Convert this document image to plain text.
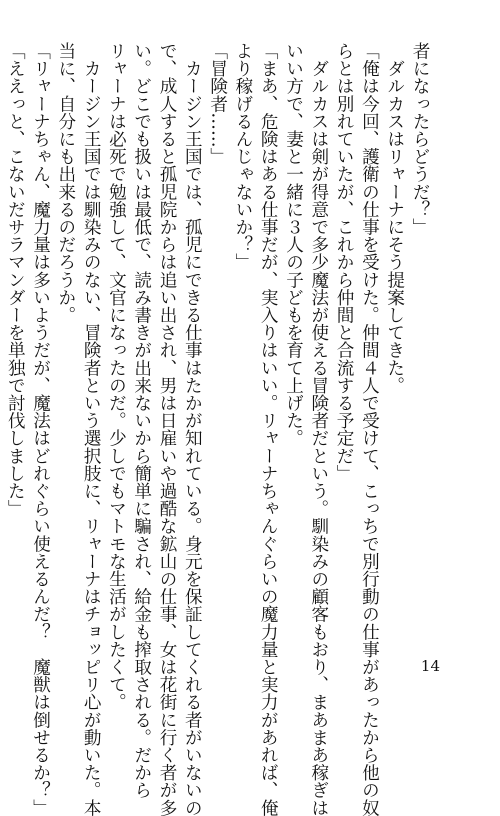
者になったらどうだ？」
　ダルカスはリャーナにそう提案してきた。
「俺は今回、護衛の仕事を受けた。仲間４人で受けて、こっちで別行動の仕事があったから他の奴
らとは別れていたが、これから仲間と合流する予定だ」
　ダルカスは剣が得意で多少魔法が使える冒険者だという。馴染みの顧客もおり、まあまあ稼ぎは
いい方で、妻と一緒に３人の子どもを育て上げた。
「まあ、危険はある仕事だが、実入りはいい。リャーナちゃんぐらいの魔力量と実力があれば、俺
より稼げるんじゃないか？」
「冒険者……」
　カージン王国では、孤児にできる仕事はたかが知れている。身元を保証してくれる者がいないの
で、成人すると孤児院からは追い出され、男は日雇いや過酷な鉱山の仕事、女は花街に行く者が多
い。どこでも扱いは最低で、読み書きが出来ないから簡単に騙され、給金も搾取される。だから
リャーナは必死で勉強して、文官になったのだ。少しでもマトモな生活がしたくて。
　カージン王国では馴染みのない、冒険者という選択肢に、リャーナはチョッピリ心が動いた。本
当に、自分にも出来るのだろうか。
「リャーナちゃん、魔力量は多いようだが、魔法はどれぐらい使えるんだ？　魔獣は倒せるか？」
「ええっと、こないだサラマンダーを単独で討伐しました」
14
